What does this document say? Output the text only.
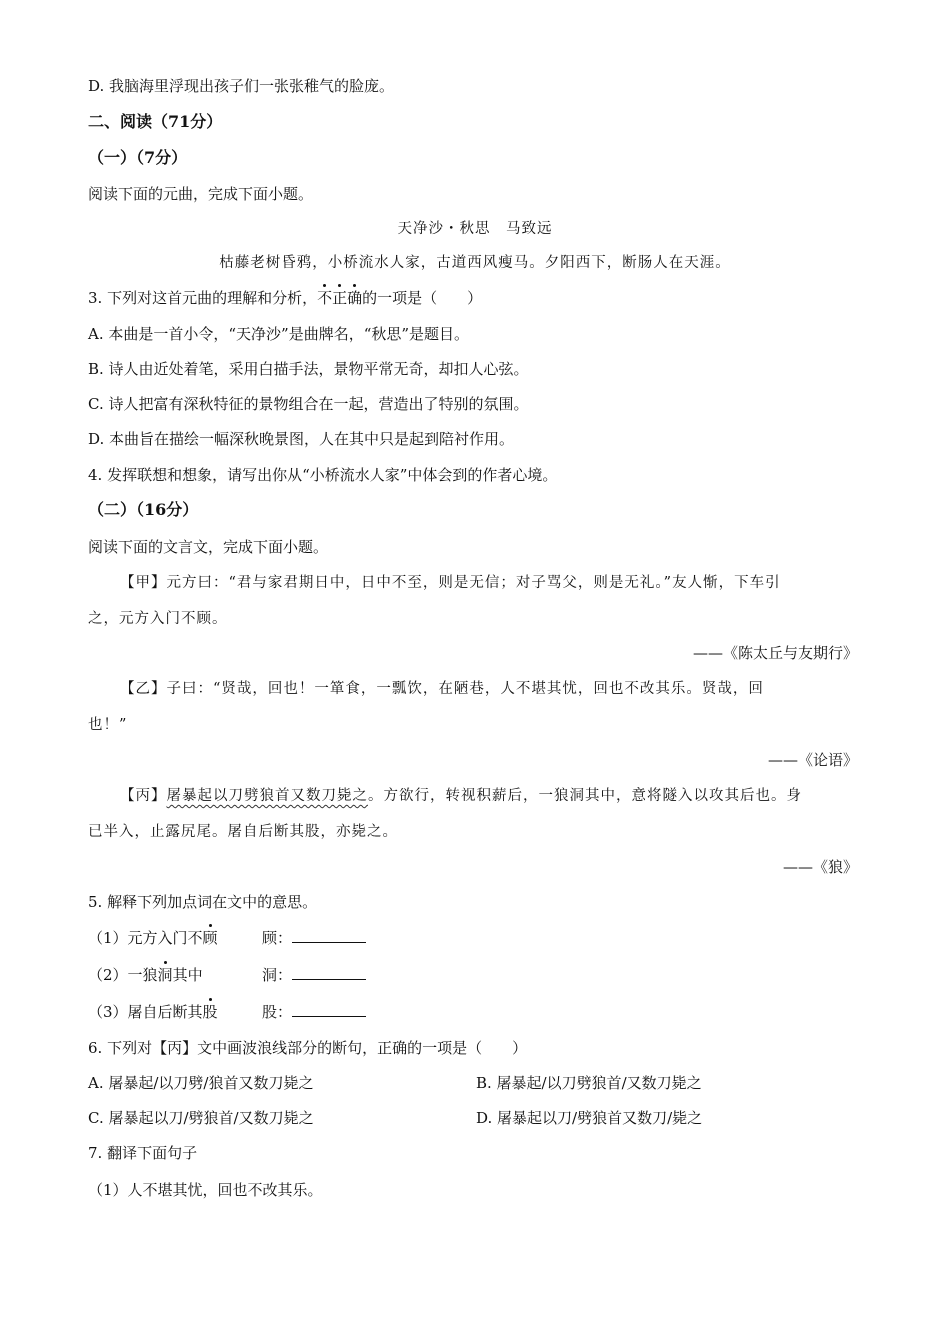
D. 我脑海里浮现出孩子们一张张稚气的脸庞。
二、阅读（71分）
（一）（7分）
阅读下面的元曲，完成下面小题。
天净沙・秋思　马致远
枯藤老树昏鸦，小桥流水人家，古道西风瘦马。夕阳西下，断肠人在天涯。
3. 下列对这首元曲的理解和分析，不正确的一项是（　　）
A. 本曲是一首小令，“天净沙”是曲牌名，“秋思”是题目。
B. 诗人由近处着笔，采用白描手法，景物平常无奇，却扣人心弦。
C. 诗人把富有深秋特征的景物组合在一起，营造出了特别的氛围。
D. 本曲旨在描绘一幅深秋晚景图，人在其中只是起到陪衬作用。
4. 发挥联想和想象，请写出你从“小桥流水人家”中体会到的作者心境。
（二）（16分）
阅读下面的文言文，完成下面小题。
【甲】元方曰：“君与家君期日中，日中不至，则是无信；对子骂父，则是无礼。”友人惭，下车引
之，元方入门不顾。
——《陈太丘与友期行》
【乙】子曰：“贤哉，回也！一箪食，一瓢饮，在陋巷，人不堪其忧，回也不改其乐。贤哉，回
也！”
——《论语》
【丙】屠暴起以刀劈狼首又数刀毙之。方欲行，转视积薪后，一狼洞其中，意将隧入以攻其后也。身
已半入，止露尻尾。屠自后断其股，亦毙之。
——《狼》
5. 解释下列加点词在文中的意思。
（1）元方入门不顾	顾：
（2）一狼洞其中	洞：
（3）屠自后断其股	股：
6. 下列对【丙】文中画波浪线部分的断句，正确的一项是（　　）
A. 屠暴起/以刀劈/狼首又数刀毙之	B. 屠暴起/以刀劈狼首/又数刀毙之
C. 屠暴起以刀/劈狼首/又数刀毙之	D. 屠暴起以刀/劈狼首又数刀/毙之
7. 翻译下面句子
（1）人不堪其忧，回也不改其乐。
